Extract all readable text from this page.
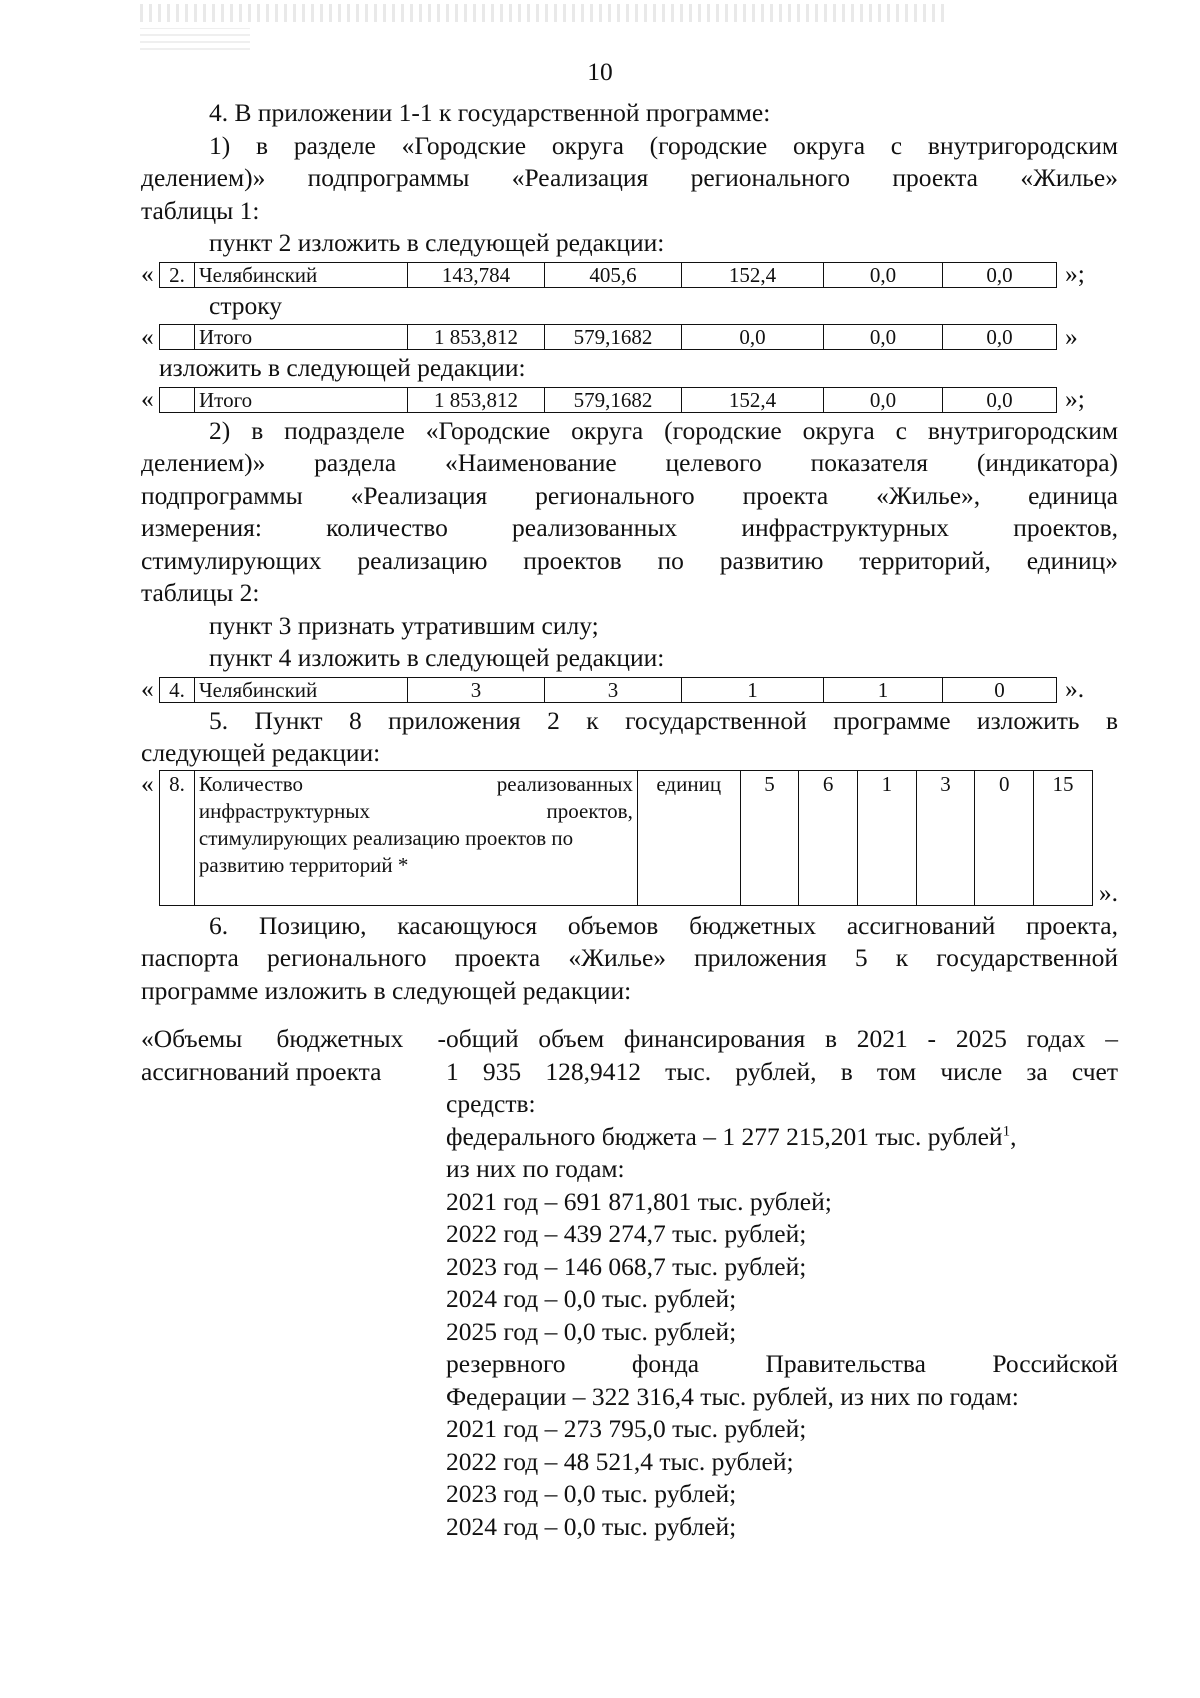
10

4. В приложении 1-1 к государственной программе:

1) в разделе «Городские округа (городские округа с внутригородским

делением)» подпрограммы «Реализация регионального проекта «Жилье»

таблицы 1:

пункт 2 изложить в следующей редакции:

« 2.	Челябинский	143,784	405,6	152,4	0,0	0,0	»;

строку

«
	Итого	1 853,812	579,1682	0,0	0,0	0,0	»

изложить в следующей редакции:

«
	Итого	1 853,812	579,1682	152,4	0,0	0,0	»;

2) в подразделе «Городские округа (городские округа с внутригородским

делением)» раздела «Наименование целевого показателя (индикатора)

подпрограммы «Реализация регионального проекта «Жилье», единица

измерения: количество реализованных инфраструктурных проектов,

стимулирующих реализацию проектов по развитию территорий, единиц»

таблицы 2:

пункт 3 признать утратившим силу;

пункт 4 изложить в следующей редакции:

« 4.	Челябинский	3	3	1	1	0	».

5. Пункт 8 приложения 2 к государственной программе изложить в

следующей редакции:

« 8.	Количество реализованных
инфраструктурных проектов,
стимулирующих реализацию проектов по
развитию территорий *
	единиц	5	6	1	3	0	15
».

6. Позицию, касающуюся объемов бюджетных ассигнований проекта,

паспорта регионального проекта «Жилье» приложения 5 к государственной

программе изложить в следующей редакции:

«Объемы бюджетных -

ассигнований проекта

общий объем финансирования в 2021 - 2025 годах –

1 935 128,9412 тыс. рублей, в том числе за счет

средств:

федерального бюджета – 1 277 215,201 тыс. рублей$^1$,

из них по годам:

2021 год – 691 871,801 тыс. рублей;

2022 год – 439 274,7 тыс. рублей;

2023 год – 146 068,7 тыс. рублей;

2024 год – 0,0 тыс. рублей;

2025 год – 0,0 тыс. рублей;

резервного фонда Правительства Российской

Федерации – 322 316,4 тыс. рублей, из них по годам:

2021 год – 273 795,0 тыс. рублей;

2022 год – 48 521,4 тыс. рублей;

2023 год – 0,0 тыс. рублей;

2024 год – 0,0 тыс. рублей;
